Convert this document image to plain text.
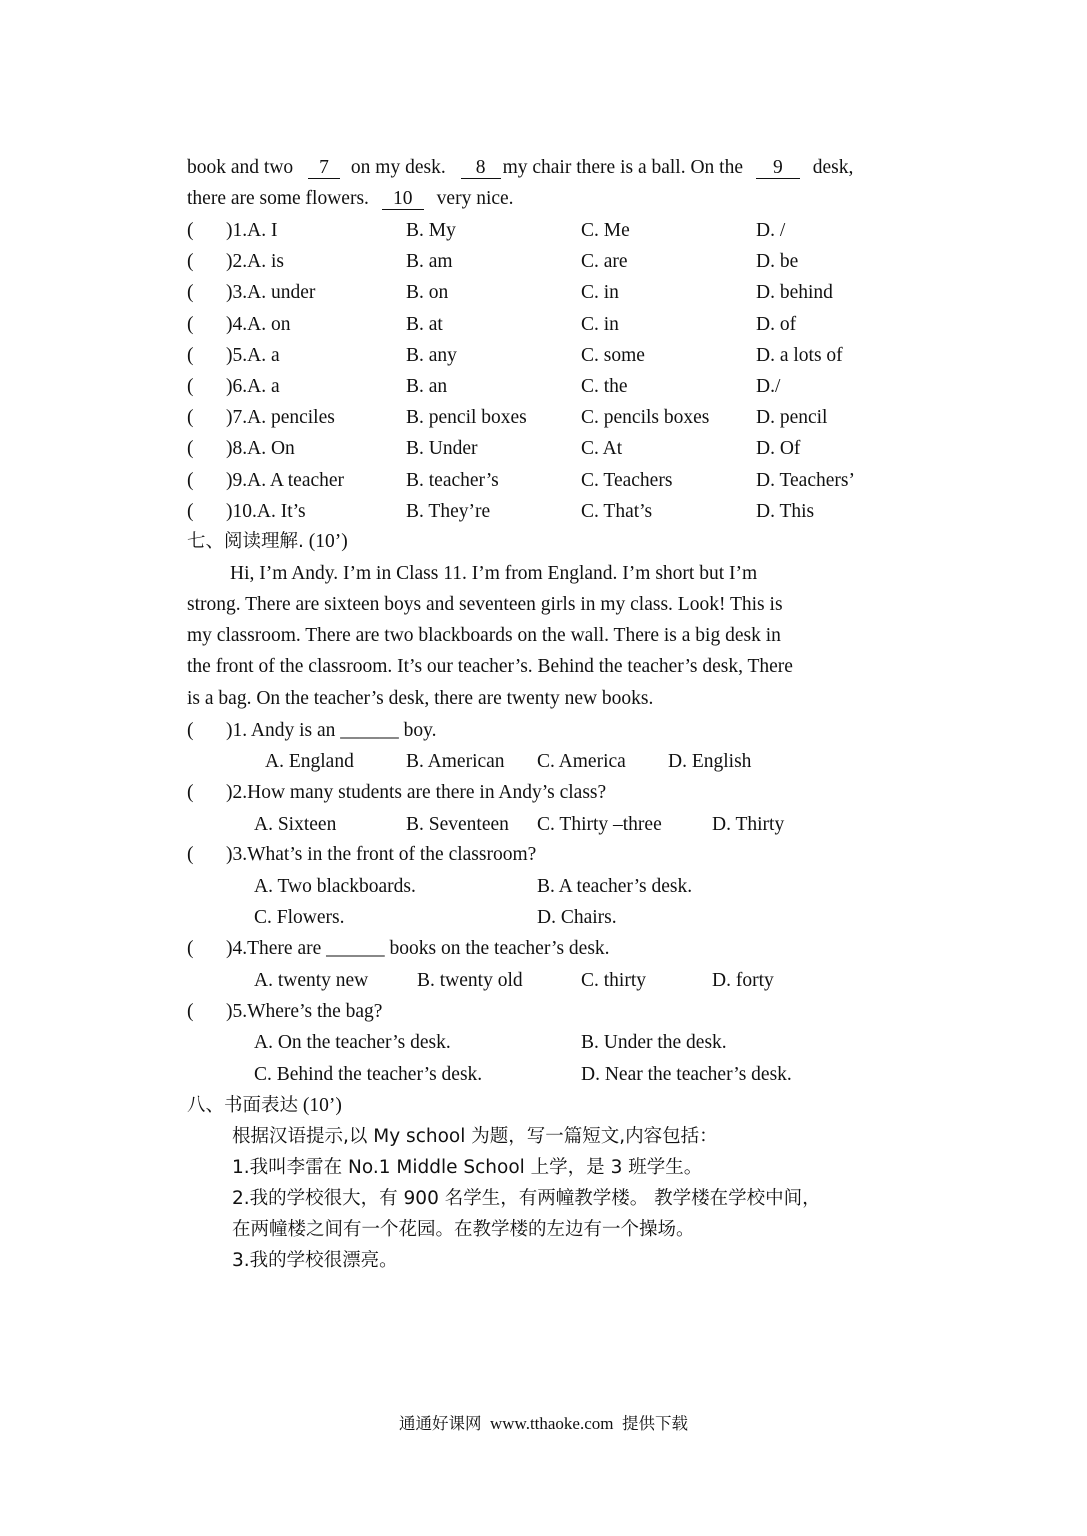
book and two 7 on my desk. 8 my chair there is a ball. On the 9 desk,
there are some flowers. 10 very nice.
( )1.A. I	B. My	C. Me	D. /
( )2.A. is	B. am	C. are	D. be
( )3.A. under	B. on	C. in	D. behind
( )4.A. on	B. at	C. in	D. of
( )5.A. a	B. any	C. some	D. a lots of
( )6.A. a	B. an	C. the	D./
( )7.A. penciles	B. pencil boxes	C. pencils boxes D. pencil
( )8.A. On	B. Under	C. At	D. Of
( )9.A. A teacher	B. teacher’s	C. Teachers	D. Teachers’
( )10.A. It’s	B. They’re	C. That’s	D. This
七、阅读理解. (10’)
Hi, I’m Andy. I’m in Class 11. I’m from England. I’m short but I’m
strong. There are sixteen boys and seventeen girls in my class. Look! This is
my classroom. There are two blackboards on the wall. There is a big desk in
the front of the classroom. It’s our teacher’s. Behind the teacher’s desk, There
is a bag. On the teacher’s desk, there are twenty new books.
( )1. Andy is an ______ boy.
A. England	B. American C. America D. English
( )2.How many students are there in Andy’s class?
A. Sixteen	B. Seventeen C. Thirty –three	D. Thirty
( )3.What’s in the front of the classroom?
A. Two blackboards.	B. A teacher’s desk.
C. Flowers.	D. Chairs.
( )4.There are ______ books on the teacher’s desk.
A. twenty new B. twenty old	C. thirty	D. forty
( )5.Where’s the bag?
A. On the teacher’s desk.	B. Under the desk.
C. Behind the teacher’s desk.	D. Near the teacher’s desk.
八、书面表达 (10’)
根据汉语提示,以 My school 为题，写一篇短文,内容包括：
1.我叫李雷在 No.1 Middle School 上学，是 3 班学生。
2.我的学校很大，有 900 名学生，有两幢教学楼。 教学楼在学校中间，
在两幢楼之间有一个花园。在教学楼的左边有一个操场。
3.我的学校很漂亮。
通通好课网 www.tthaoke.com 提供下载
